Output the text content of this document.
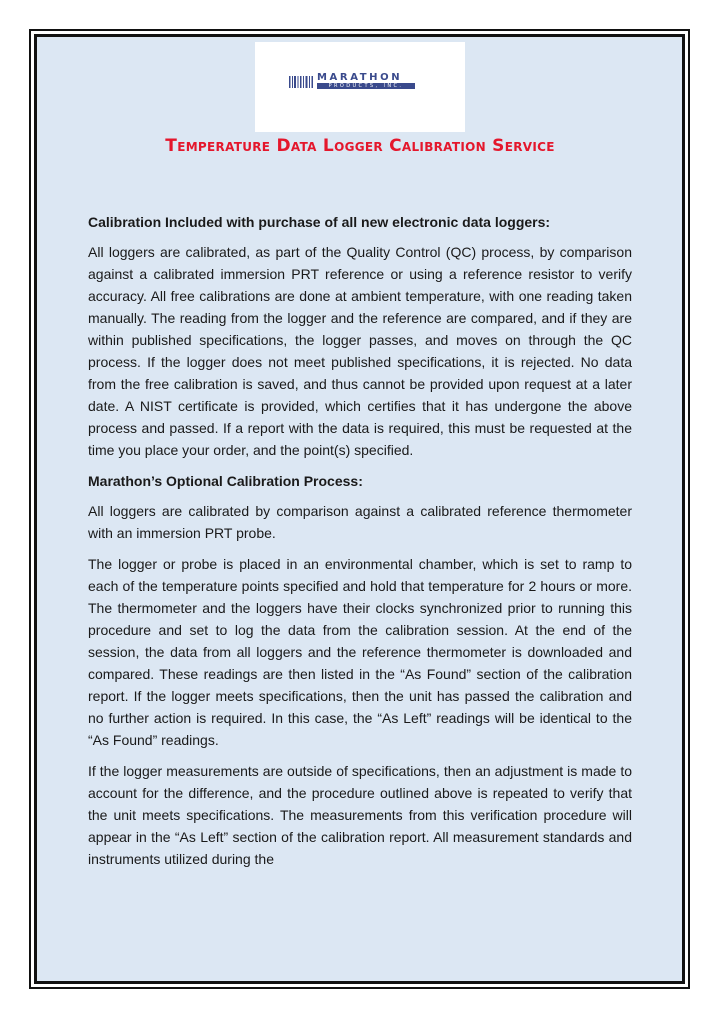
MARATHON
PRODUCTS, INC.
Temperature Data Logger Calibration Service

Calibration Included with purchase of all new electronic data loggers:

All loggers are calibrated, as part of the Quality Control (QC) process, by comparison against a calibrated immersion PRT reference or using a reference resistor to verify accuracy. All free calibrations are done at ambient temperature, with one reading taken manually. The reading from the logger and the reference are compared, and if they are within published specifications, the logger passes, and moves on through the QC process. If the logger does not meet published specifications, it is rejected. No data from the free calibration is saved, and thus cannot be provided upon request at a later date. A NIST certificate is provided, which certifies that it has undergone the above process and passed. If a report with the data is required, this must be requested at the time you place your order, and the point(s) specified.

Marathon’s Optional Calibration Process:

All loggers are calibrated by comparison against a calibrated reference thermometer with an immersion PRT probe.

The logger or probe is placed in an environmental chamber, which is set to ramp to each of the temperature points specified and hold that temperature for 2 hours or more. The thermometer and the loggers have their clocks synchronized prior to running this procedure and set to log the data from the calibration session. At the end of the session, the data from all loggers and the reference thermometer is downloaded and compared. These readings are then listed in the “As Found” section of the calibration report. If the logger meets specifications, then the unit has passed the calibration and no further action is required. In this case, the “As Left” readings will be identical to the “As Found” readings.

If the logger measurements are outside of specifications, then an adjustment is made to account for the difference, and the procedure outlined above is repeated to verify that the unit meets specifications. The measurements from this verification procedure will appear in the “As Left” section of the calibration report. All measurement standards and instruments utilized during the
